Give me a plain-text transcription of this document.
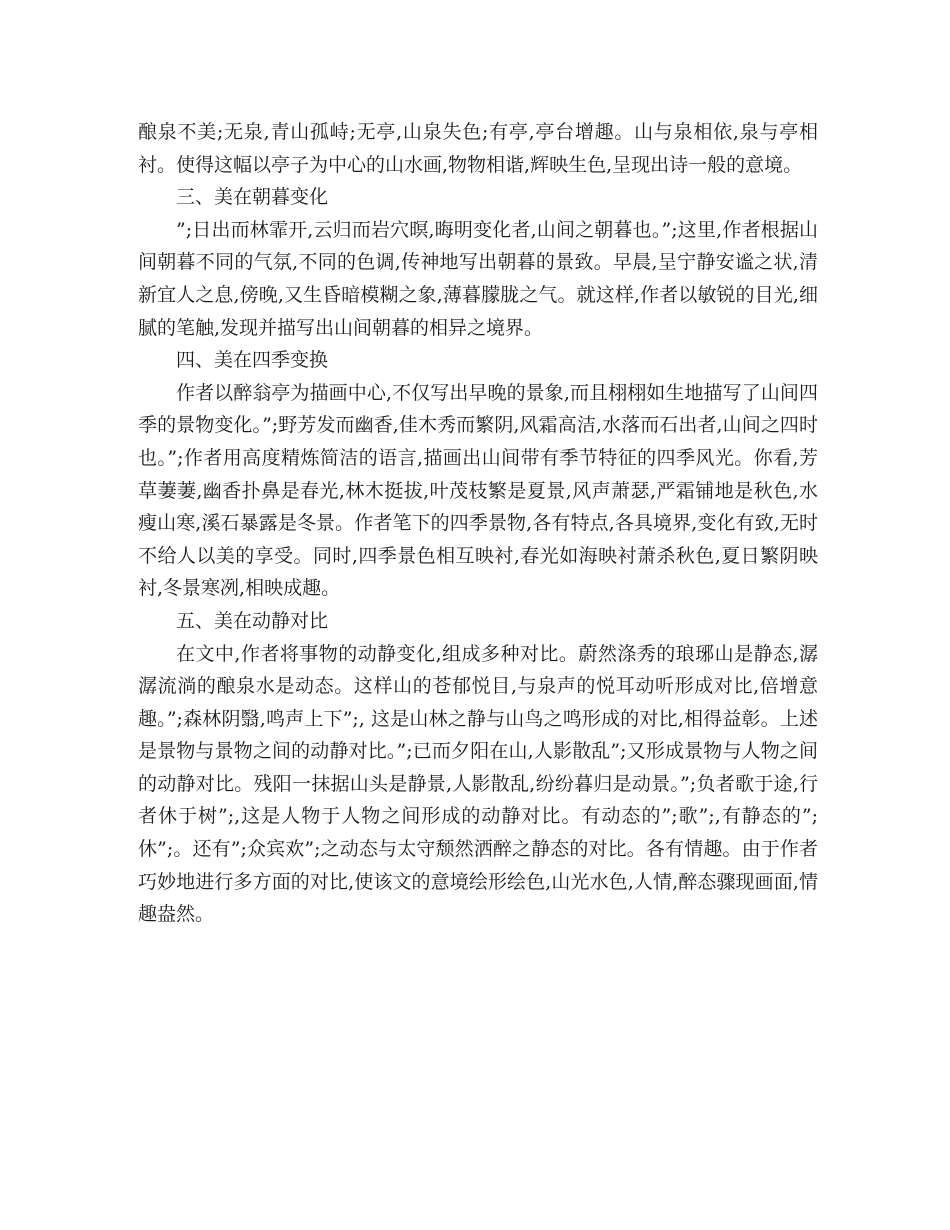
酿泉不美;无泉,青山孤峙;无亭,山泉失色;有亭,亭台增趣。山与泉相依,泉与亭相衬。使得这幅以亭子为中心的山水画,物物相谐,辉映生色,呈现出诗一般的意境。

三、美在朝暮变化

”;日出而林霏开,云归而岩穴暝,晦明变化者,山间之朝暮也。”;这里,作者根据山间朝暮不同的气氛,不同的色调,传神地写出朝暮的景致。早晨,呈宁静安谧之状,清新宜人之息,傍晚,又生昏暗模糊之象,薄暮朦胧之气。就这样,作者以敏锐的目光,细腻的笔触,发现并描写出山间朝暮的相异之境界。

四、美在四季变换

作者以醉翁亭为描画中心,不仅写出早晚的景象,而且栩栩如生地描写了山间四季的景物变化。”;野芳发而幽香,佳木秀而繁阴,风霜高洁,水落而石出者,山间之四时也。”;作者用高度精炼简洁的语言,描画出山间带有季节特征的四季风光。你看,芳草萋萋,幽香扑鼻是春光,林木挺拔,叶茂枝繁是夏景,风声萧瑟,严霜铺地是秋色,水瘦山寒,溪石暴露是冬景。作者笔下的四季景物,各有特点,各具境界,变化有致,无时不给人以美的享受。同时,四季景色相互映衬,春光如海映衬萧杀秋色,夏日繁阴映衬,冬景寒冽,相映成趣。

五、美在动静对比

在文中,作者将事物的动静变化,组成多种对比。蔚然涤秀的琅琊山是静态,潺潺流淌的酿泉水是动态。这样山的苍郁悦目,与泉声的悦耳动听形成对比,倍增意趣。”;森林阴翳,鸣声上下”;, 这是山林之静与山鸟之鸣形成的对比,相得益彰。上述是景物与景物之间的动静对比。”;已而夕阳在山,人影散乱”;又形成景物与人物之间的动静对比。残阳一抹据山头是静景,人影散乱,纷纷暮归是动景。”;负者歌于途,行者休于树”;,这是人物于人物之间形成的动静对比。有动态的”;歌”;,有静态的”;休”;。还有”;众宾欢”;之动态与太守颓然洒醉之静态的对比。各有情趣。由于作者巧妙地进行多方面的对比,使该文的意境绘形绘色,山光水色,人情,醉态骤现画面,情趣盎然。
